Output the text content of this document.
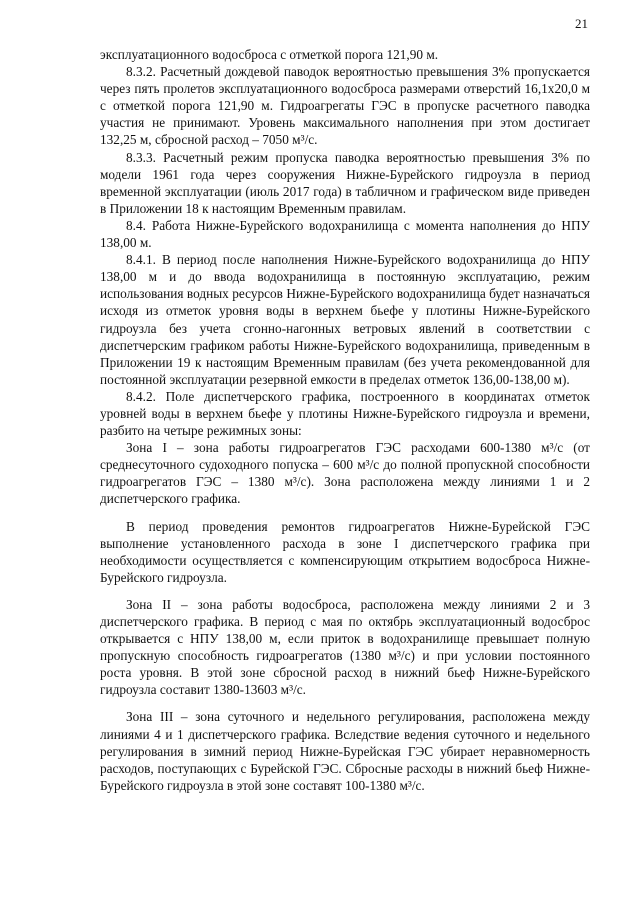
21

эксплуатационного водосброса с отметкой порога 121,90 м.

8.3.2. Расчетный дождевой паводок вероятностью превышения 3% пропускается через пять пролетов эксплуатационного водосброса размерами отверстий 16,1х20,0 м с отметкой порога 121,90 м. Гидроагрегаты ГЭС в пропуске расчетного паводка участия не принимают. Уровень максимального наполнения при этом достигает 132,25 м, сбросной расход – 7050 м³/с.

8.3.3. Расчетный режим пропуска паводка вероятностью превышения 3% по модели 1961 года через сооружения Нижне-Бурейского гидроузла в период временной эксплуатации (июль 2017 года) в табличном и графическом виде приведен в Приложении 18 к настоящим Временным правилам.

8.4. Работа Нижне-Бурейского водохранилища с момента наполнения до НПУ 138,00 м.

8.4.1. В период после наполнения Нижне-Бурейского водохранилища до НПУ 138,00 м и до ввода водохранилища в постоянную эксплуатацию, режим использования водных ресурсов Нижне-Бурейского водохранилища будет назначаться исходя из отметок уровня воды в верхнем бьефе у плотины Нижне-Бурейского гидроузла без учета сгонно-нагонных ветровых явлений в соответствии с диспетчерским графиком работы Нижне-Бурейского водохранилища, приведенным в Приложении 19 к настоящим Временным правилам (без учета рекомендованной для постоянной эксплуатации резервной емкости в пределах отметок 136,00-138,00 м).

8.4.2. Поле диспетчерского графика, построенного в координатах отметок уровней воды в верхнем бьефе у плотины Нижне-Бурейского гидроузла и времени, разбито на четыре режимных зоны:

Зона I – зона работы гидроагрегатов ГЭС расходами 600-1380 м³/с (от среднесуточного судоходного попуска – 600 м³/с до полной пропускной способности гидроагрегатов ГЭС – 1380 м³/с). Зона расположена между линиями 1 и 2 диспетчерского графика.

В период проведения ремонтов гидроагрегатов Нижне-Бурейской ГЭС выполнение установленного расхода в зоне I диспетчерского графика при необходимости осуществляется с компенсирующим открытием водосброса Нижне-Бурейского гидроузла.

Зона II – зона работы водосброса, расположена между линиями 2 и 3 диспетчерского графика. В период с мая по октябрь эксплуатационный водосброс открывается с НПУ 138,00 м, если приток в водохранилище превышает полную пропускную способность гидроагрегатов (1380 м³/с) и при условии постоянного роста уровня. В этой зоне сбросной расход в нижний бьеф Нижне-Бурейского гидроузла составит 1380-13603 м³/с.

Зона III – зона суточного и недельного регулирования, расположена между линиями 4 и 1 диспетчерского графика. Вследствие ведения суточного и недельного регулирования в зимний период Нижне-Бурейская ГЭС убирает неравномерность расходов, поступающих с Бурейской ГЭС. Сбросные расходы в нижний бьеф Нижне-Бурейского гидроузла в этой зоне составят 100-1380 м³/с.
